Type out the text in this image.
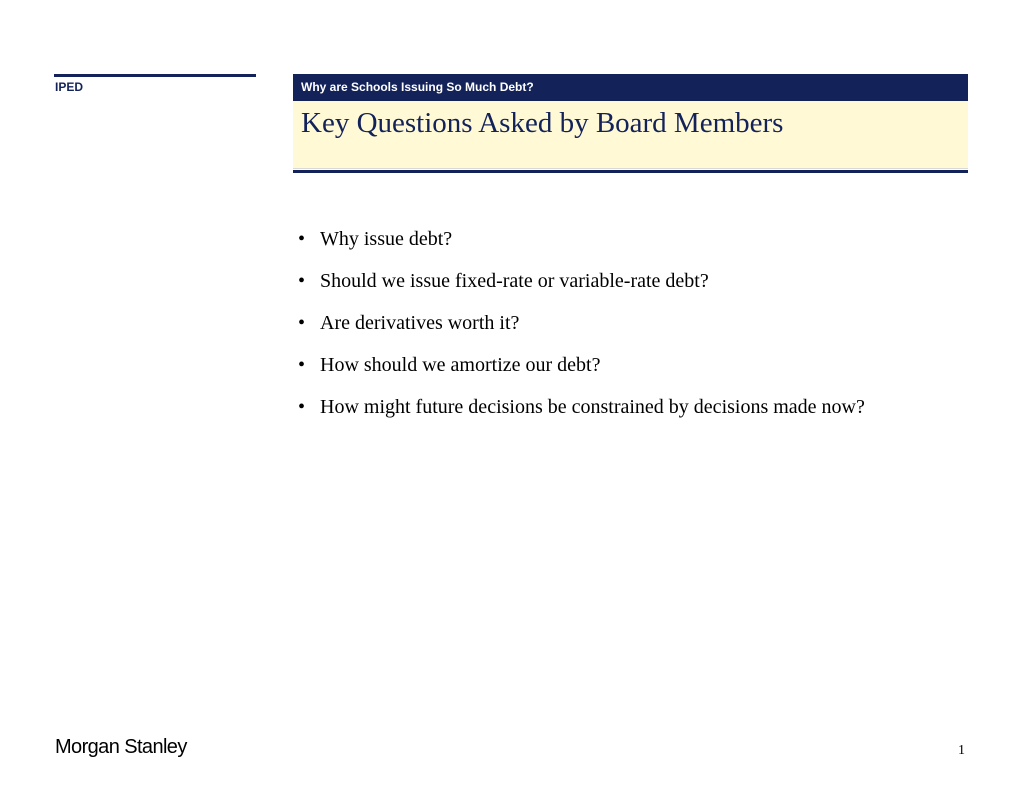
IPED	Why are Schools Issuing So Much Debt?
Key Questions Asked by Board Members
• Why issue debt?
• Should we issue fixed-rate or variable-rate debt?
• Are derivatives worth it?
• How should we amortize our debt?
• How might future decisions be constrained by decisions made now?
Morgan Stanley	1
